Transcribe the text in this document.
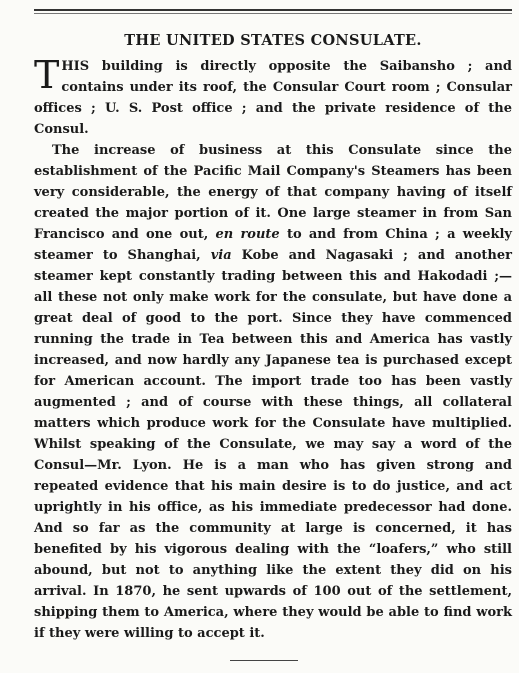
THE UNITED STATES CONSULATE.

THIS building is directly opposite the Saibansho ; and contains under its roof, the Consular Court room ; Consular offices ; U. S. Post office ; and the private residence of the Consul.

The increase of business at this Consulate since the establishment of the Pacific Mail Company's Steamers has been very considerable, the energy of that company having of itself created the major portion of it. One large steamer in from San Francisco and one out, en route to and from China ; a weekly steamer to Shanghai, via Kobe and Nagasaki ; and another steamer kept constantly trading between this and Hakodadi ;—all these not only make work for the consulate, but have done a great deal of good to the port. Since they have commenced running the trade in Tea between this and America has vastly increased, and now hardly any Japanese tea is purchased except for American account. The import trade too has been vastly augmented ; and of course with these things, all collateral matters which produce work for the Consulate have multiplied. Whilst speaking of the Consulate, we may say a word of the Consul—Mr. Lyon. He is a man who has given strong and repeated evidence that his main desire is to do justice, and act uprightly in his office, as his immediate predecessor had done. And so far as the community at large is concerned, it has benefited by his vigorous dealing with the “loafers,” who still abound, but not to anything like the extent they did on his arrival. In 1870, he sent upwards of 100 out of the settlement, shipping them to America, where they would be able to find work if they were willing to accept it.
